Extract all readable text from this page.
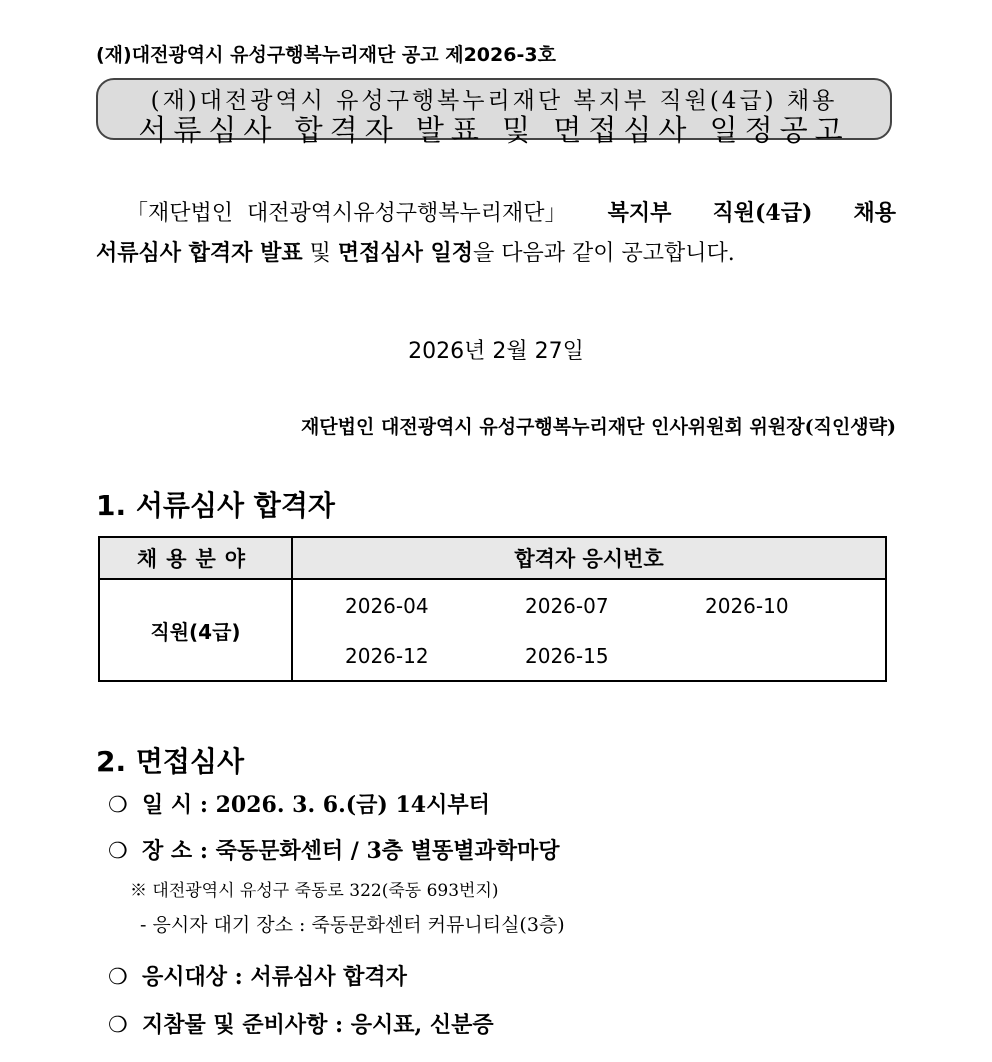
(재)대전광역시 유성구행복누리재단 공고 제2026-3호
(재)대전광역시 유성구행복누리재단 복지부 직원(4급) 채용
서류심사 합격자 발표 및 면접심사 일정공고
「재단법인 대전광역시유성구행복누리재단」 복지부 직원(4급) 채용
서류심사 합격자 발표 및 면접심사 일정을 다음과 같이 공고합니다.
2026년 2월 27일
재단법인 대전광역시 유성구행복누리재단 인사위원회 위원장(직인생략)
1. 서류심사 합격자
채용분야	합격자 응시번호
직원(4급)	2026-04 2026-07 2026-10
2026-12 2026-15
2. 면접심사
❍ 일 시 : 2026. 3. 6.(금) 14시부터
❍ 장 소 : 죽동문화센터 / 3층 별똥별과학마당
※ 대전광역시 유성구 죽동로 322(죽동 693번지)
- 응시자 대기 장소 : 죽동문화센터 커뮤니티실(3층)
❍ 응시대상 : 서류심사 합격자
❍ 지참물 및 준비사항 : 응시표, 신분증
